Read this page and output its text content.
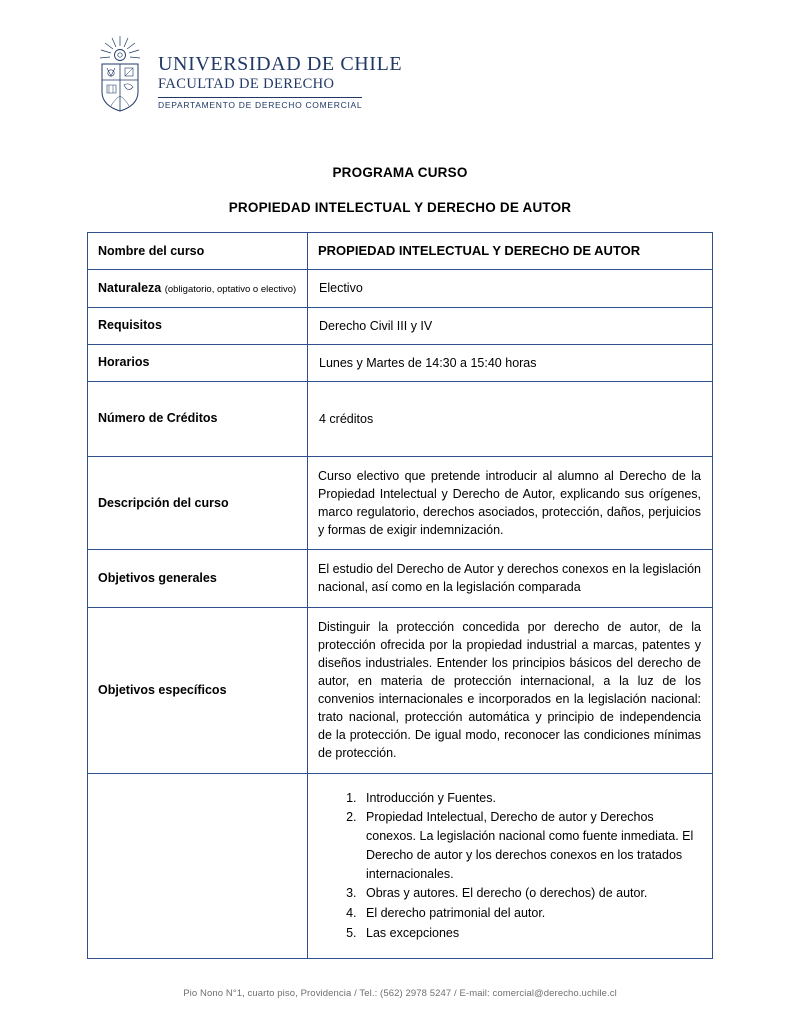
UNIVERSIDAD DE CHILE
FACULTAD DE DERECHO
DEPARTAMENTO DE DERECHO COMERCIAL
PROGRAMA CURSO
PROPIEDAD INTELECTUAL Y DERECHO DE AUTOR
Nombre del curso	PROPIEDAD INTELECTUAL Y DERECHO DE AUTOR
Naturaleza (obligatorio, optativo o electivo)	Electivo
Requisitos	Derecho Civil III y IV
Horarios	Lunes y Martes de 14:30 a 15:40 horas
Número de Créditos	4 créditos
Descripción del curso	Curso electivo que pretende introducir al alumno al Derecho de la Propiedad Intelectual y Derecho de Autor, explicando sus orígenes, marco regulatorio, derechos asociados, protección, daños, perjuicios y formas de exigir indemnización.
Objetivos generales	El estudio del Derecho de Autor y derechos conexos en la legislación nacional, así como en la legislación comparada
Objetivos específicos	Distinguir la protección concedida por derecho de autor, de la protección ofrecida por la propiedad industrial a marcas, patentes y diseños industriales. Entender los principios básicos del derecho de autor, en materia de protección internacional, a la luz de los convenios internacionales e incorporados en la legislación nacional: trato nacional, protección automática y principio de independencia de la protección. De igual modo, reconocer las condiciones mínimas de protección.

1. Introducción y Fuentes.
2. Propiedad Intelectual, Derecho de autor y Derechos conexos. La legislación nacional como fuente inmediata. El Derecho de autor y los derechos conexos en los tratados internacionales.
3. Obras y autores. El derecho (o derechos) de autor.
4. El derecho patrimonial del autor.
5. Las excepciones
Pio Nono N°1, cuarto piso, Providencia / Tel.: (562) 2978 5247 / E-mail: comercial@derecho.uchile.cl
